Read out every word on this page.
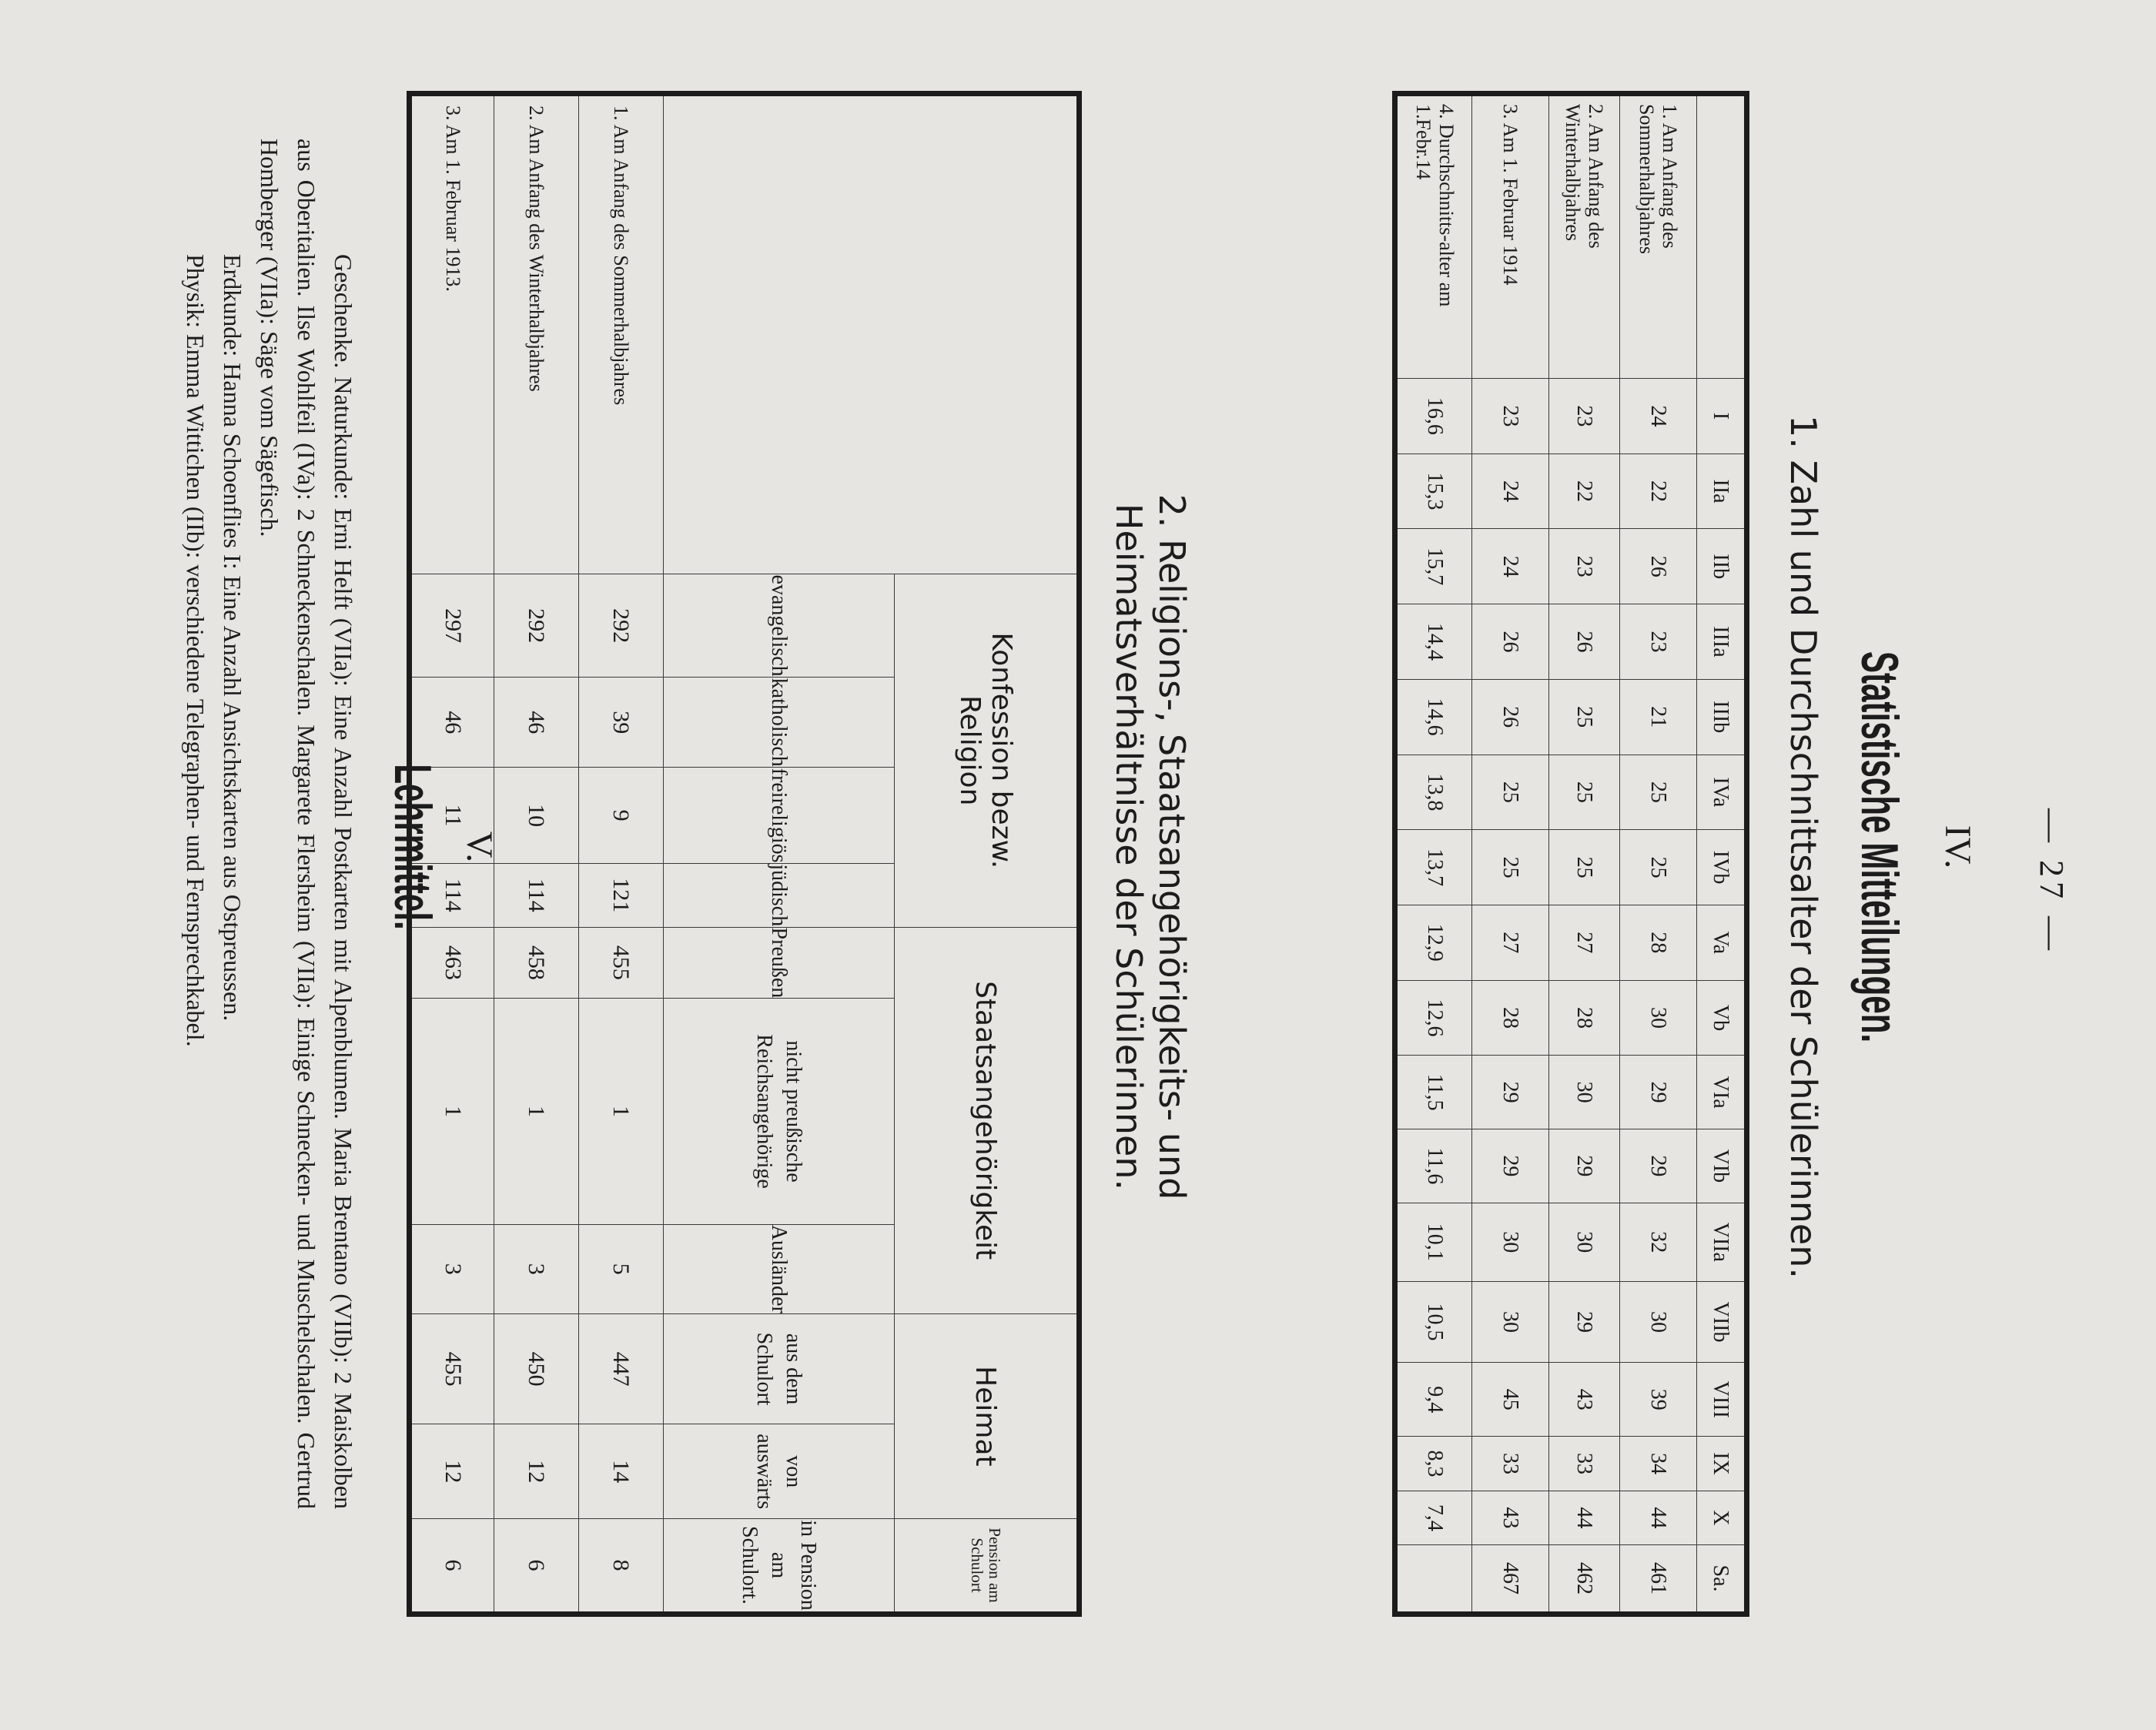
— 27 —
IV.
Statistische Mitteilungen.
1. Zahl und Durchschnittsalter der Schülerinnen.
	I	IIa	IIb	IIIa	IIIb	IVa	IVb	Va	Vb	VIa	VIb	VIIa	VIIb	VIII	IX	X	Sa.
1. Am Anfang des Sommerhalbjahres	24	22	26	23	21	25	25	28	30	29	29	32	30	39	34	44	461
2. Am Anfang des Winterhalbjahres	23	22	23	26	25	25	25	27	28	30	29	30	29	43	33	44	462
3. Am 1. Februar 1914	23	24	24	26	26	25	25	27	28	29	29	30	30	45	33	43	467
4. Durchschnitts-alter am 1.Febr.14	16,6	15,3	15,7	14,4	14,6	13,8	13,7	12,9	12,6	11,5	11,6	10,1	10,5	9,4	8,3	7,4	
2. Religions-, Staatsangehörigkeits- und Heimatsverhältnisse der Schülerinnen.
	Konfession bezw. Religion				Staatsangehörigkeit			Heimat		Pension am Schulort
	evangelisch	katholisch	freireligiös	jüdisch	Preußen	nicht preußische Reichsangehörige	Ausländer	aus dem Schulort	von auswärts	in Pension am Schulort.
1. Am Anfang des Sommerhalbjahres	292	39	9	121	455	1	5	447	14	8
2. Am Anfang des Winterhalbjahres	292	46	10	114	458	1	3	450	12	6
3. Am 1. Februar 1913.	297	46	11	114	463	1	3	455	12	6
V.
Lehrmittel.

Geschenke. Naturkunde: Erni Helft (VIIa): Eine Anzahl Postkarten mit Alpenblumen. Maria Brentano (VIIb): 2 Maiskolben aus Oberitalien. Ilse Wohlfeil (IVa): 2 Schneckenschalen. Margarete Flersheim (VIIa): Einige Schnecken- und Muschelschalen. Gertrud Homberger (VIIa): Säge vom Sägefisch.

Erdkunde: Hanna Schoenflies I: Eine Anzahl Ansichtskarten aus Ostpreussen.

Physik: Emma Wittichen (IIb): verschiedene Telegraphen- und Fernsprechkabel.
